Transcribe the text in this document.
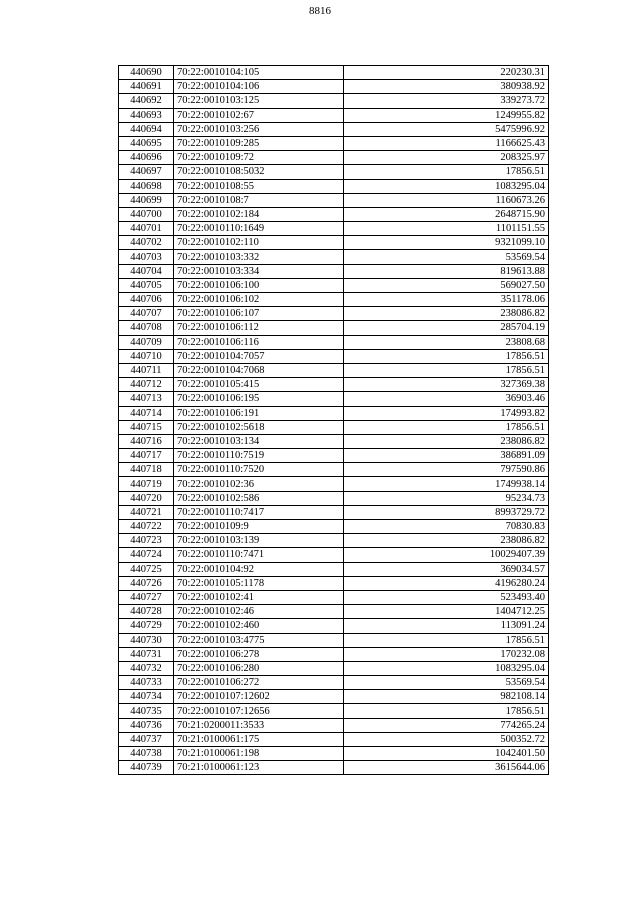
8816
440690	70:22:0010104:105	220230.31
440691	70:22:0010104:106	380938.92
440692	70:22:0010103:125	339273.72
440693	70:22:0010102:67	1249955.82
440694	70:22:0010103:256	5475996.92
440695	70:22:0010109:285	1166625.43
440696	70:22:0010109:72	208325.97
440697	70:22:0010108:5032	17856.51
440698	70:22:0010108:55	1083295.04
440699	70:22:0010108:7	1160673.26
440700	70:22:0010102:184	2648715.90
440701	70:22:0010110:1649	1101151.55
440702	70:22:0010102:110	9321099.10
440703	70:22:0010103:332	53569.54
440704	70:22:0010103:334	819613.88
440705	70:22:0010106:100	569027.50
440706	70:22:0010106:102	351178.06
440707	70:22:0010106:107	238086.82
440708	70:22:0010106:112	285704.19
440709	70:22:0010106:116	23808.68
440710	70:22:0010104:7057	17856.51
440711	70:22:0010104:7068	17856.51
440712	70:22:0010105:415	327369.38
440713	70:22:0010106:195	36903.46
440714	70:22:0010106:191	174993.82
440715	70:22:0010102:5618	17856.51
440716	70:22:0010103:134	238086.82
440717	70:22:0010110:7519	386891.09
440718	70:22:0010110:7520	797590.86
440719	70:22:0010102:36	1749938.14
440720	70:22:0010102:586	95234.73
440721	70:22:0010110:7417	8993729.72
440722	70:22:0010109:9	70830.83
440723	70:22:0010103:139	238086.82
440724	70:22:0010110:7471	10029407.39
440725	70:22:0010104:92	369034.57
440726	70:22:0010105:1178	4196280.24
440727	70:22:0010102:41	523493.40
440728	70:22:0010102:46	1404712.25
440729	70:22:0010102:460	113091.24
440730	70:22:0010103:4775	17856.51
440731	70:22:0010106:278	170232.08
440732	70:22:0010106:280	1083295.04
440733	70:22:0010106:272	53569.54
440734	70:22:0010107:12602	982108.14
440735	70:22:0010107:12656	17856.51
440736	70:21:0200011:3533	774265.24
440737	70:21:0100061:175	500352.72
440738	70:21:0100061:198	1042401.50
440739	70:21:0100061:123	3615644.06
